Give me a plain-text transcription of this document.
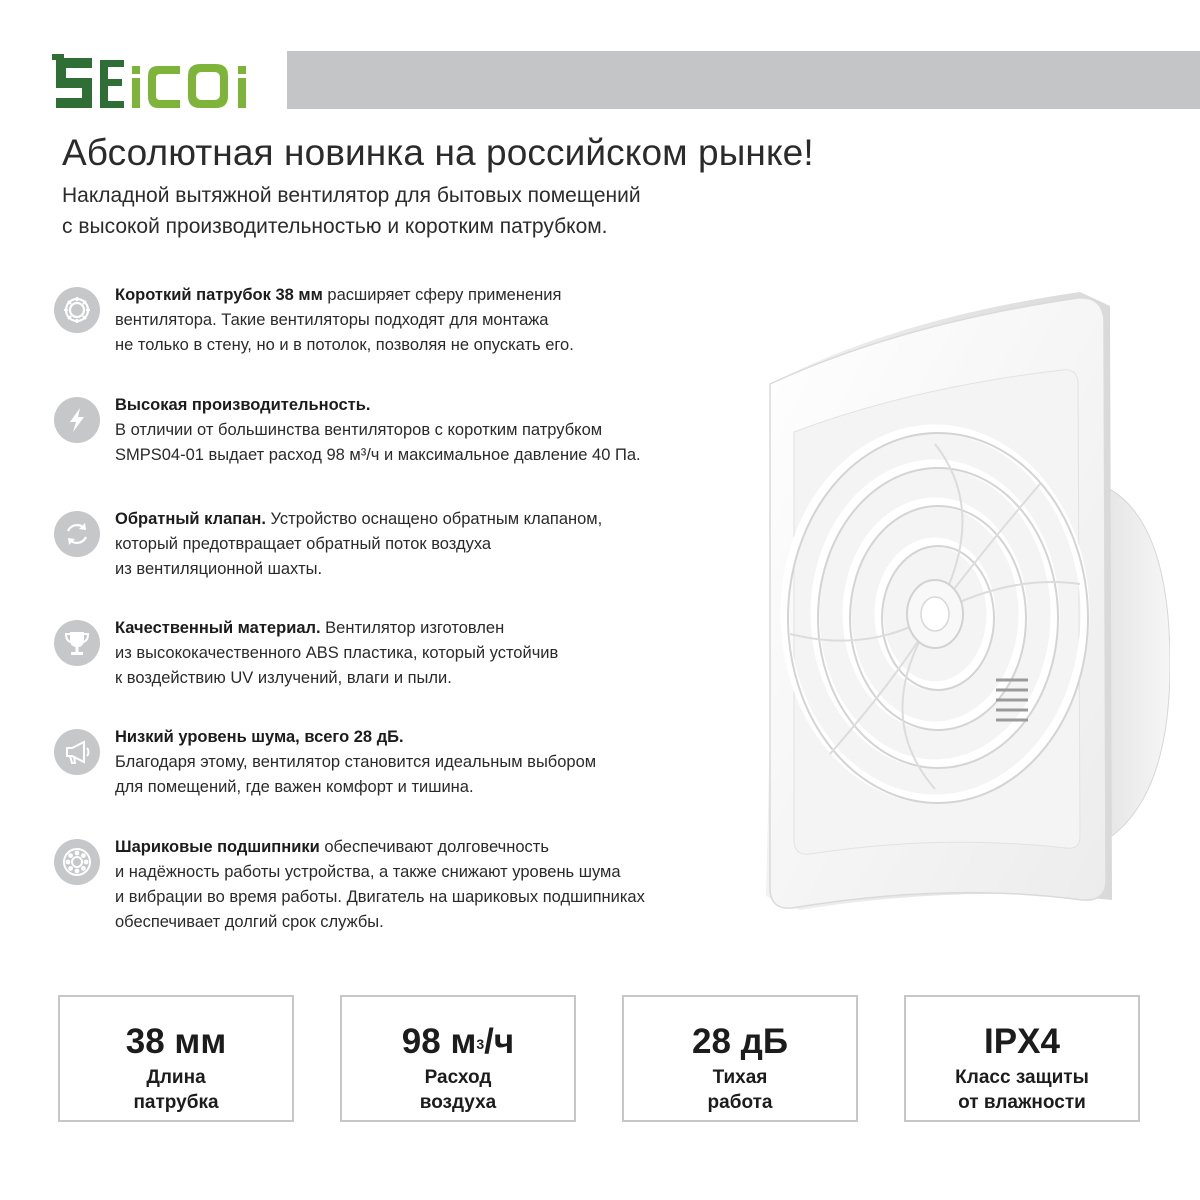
Абсолютная новинка на российском рынке!
Накладной вытяжной вентилятор для бытовых помещений
с высокой производительностью и коротким патрубком.
Короткий патрубок 38 мм расширяет сферу применения
вентилятора. Такие вентиляторы подходят для монтажа
не только в стену, но и в потолок, позволяя не опускать его.
Высокая производительность.
В отличии от большинства вентиляторов с коротким патрубком
SMPS04-01 выдает расход 98 м³/ч и максимальное давление 40 Па.
Обратный клапан. Устройство оснащено обратным клапаном,
который предотвращает обратный поток воздуха
из вентиляционной шахты.
Качественный материал. Вентилятор изготовлен
из высококачественного ABS пластика, который устойчив
к воздействию UV излучений, влаги и пыли.
Низкий уровень шума, всего 28 дБ.
Благодаря этому, вентилятор становится идеальным выбором
для помещений, где важен комфорт и тишина.
Шариковые подшипники обеспечивают долговечность
и надёжность работы устройства, а также снижают уровень шума
и вибрации во время работы. Двигатель на шариковых подшипниках
обеспечивает долгий срок службы.
38 мм
Длина
патрубка
98 $м^3/ч$
Расход
воздуха
28 дБ
Тихая
работа
IPX4
Класс защиты
от влажности
